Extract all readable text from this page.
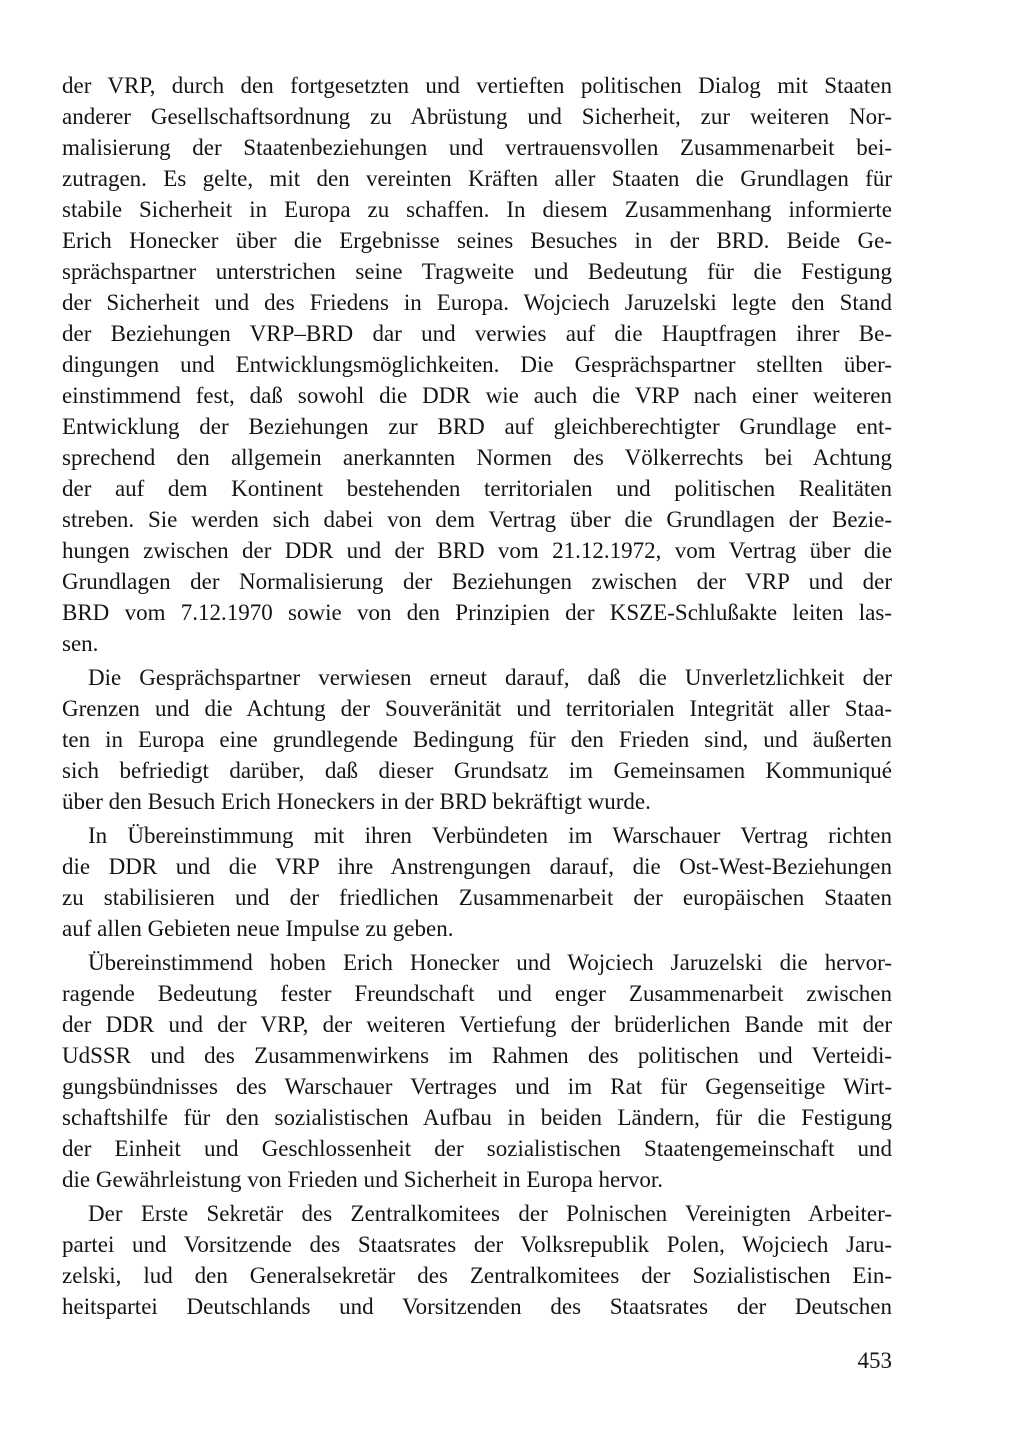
der VRP, durch den fortgesetzten und vertieften politischen Dialog mit Staaten
anderer Gesellschaftsordnung zu Abrüstung und Sicherheit, zur weiteren Nor-
malisierung der Staatenbeziehungen und vertrauensvollen Zusammenarbeit bei-
zutragen. Es gelte, mit den vereinten Kräften aller Staaten die Grundlagen für
stabile Sicherheit in Europa zu schaffen. In diesem Zusammenhang informierte
Erich Honecker über die Ergebnisse seines Besuches in der BRD. Beide Ge-
sprächspartner unterstrichen seine Tragweite und Bedeutung für die Festigung
der Sicherheit und des Friedens in Europa. Wojciech Jaruzelski legte den Stand
der Beziehungen VRP–BRD dar und verwies auf die Hauptfragen ihrer Be-
dingungen und Entwicklungsmöglichkeiten. Die Gesprächspartner stellten über-
einstimmend fest, daß sowohl die DDR wie auch die VRP nach einer weiteren
Entwicklung der Beziehungen zur BRD auf gleichberechtigter Grundlage ent-
sprechend den allgemein anerkannten Normen des Völkerrechts bei Achtung
der auf dem Kontinent bestehenden territorialen und politischen Realitäten
streben. Sie werden sich dabei von dem Vertrag über die Grundlagen der Bezie-
hungen zwischen der DDR und der BRD vom 21.12.1972, vom Vertrag über die
Grundlagen der Normalisierung der Beziehungen zwischen der VRP und der
BRD vom 7.12.1970 sowie von den Prinzipien der KSZE-Schlußakte leiten las-
sen.
Die Gesprächspartner verwiesen erneut darauf, daß die Unverletzlichkeit der
Grenzen und die Achtung der Souveränität und territorialen Integrität aller Staa-
ten in Europa eine grundlegende Bedingung für den Frieden sind, und äußerten
sich befriedigt darüber, daß dieser Grundsatz im Gemeinsamen Kommuniqué
über den Besuch Erich Honeckers in der BRD bekräftigt wurde.
In Übereinstimmung mit ihren Verbündeten im Warschauer Vertrag richten
die DDR und die VRP ihre Anstrengungen darauf, die Ost-West-Beziehungen
zu stabilisieren und der friedlichen Zusammenarbeit der europäischen Staaten
auf allen Gebieten neue Impulse zu geben.
Übereinstimmend hoben Erich Honecker und Wojciech Jaruzelski die hervor-
ragende Bedeutung fester Freundschaft und enger Zusammenarbeit zwischen
der DDR und der VRP, der weiteren Vertiefung der brüderlichen Bande mit der
UdSSR und des Zusammenwirkens im Rahmen des politischen und Verteidi-
gungsbündnisses des Warschauer Vertrages und im Rat für Gegenseitige Wirt-
schaftshilfe für den sozialistischen Aufbau in beiden Ländern, für die Festigung
der Einheit und Geschlossenheit der sozialistischen Staatengemeinschaft und
die Gewährleistung von Frieden und Sicherheit in Europa hervor.
Der Erste Sekretär des Zentralkomitees der Polnischen Vereinigten Arbeiter-
partei und Vorsitzende des Staatsrates der Volksrepublik Polen, Wojciech Jaru-
zelski, lud den Generalsekretär des Zentralkomitees der Sozialistischen Ein-
heitspartei Deutschlands und Vorsitzenden des Staatsrates der Deutschen
453
